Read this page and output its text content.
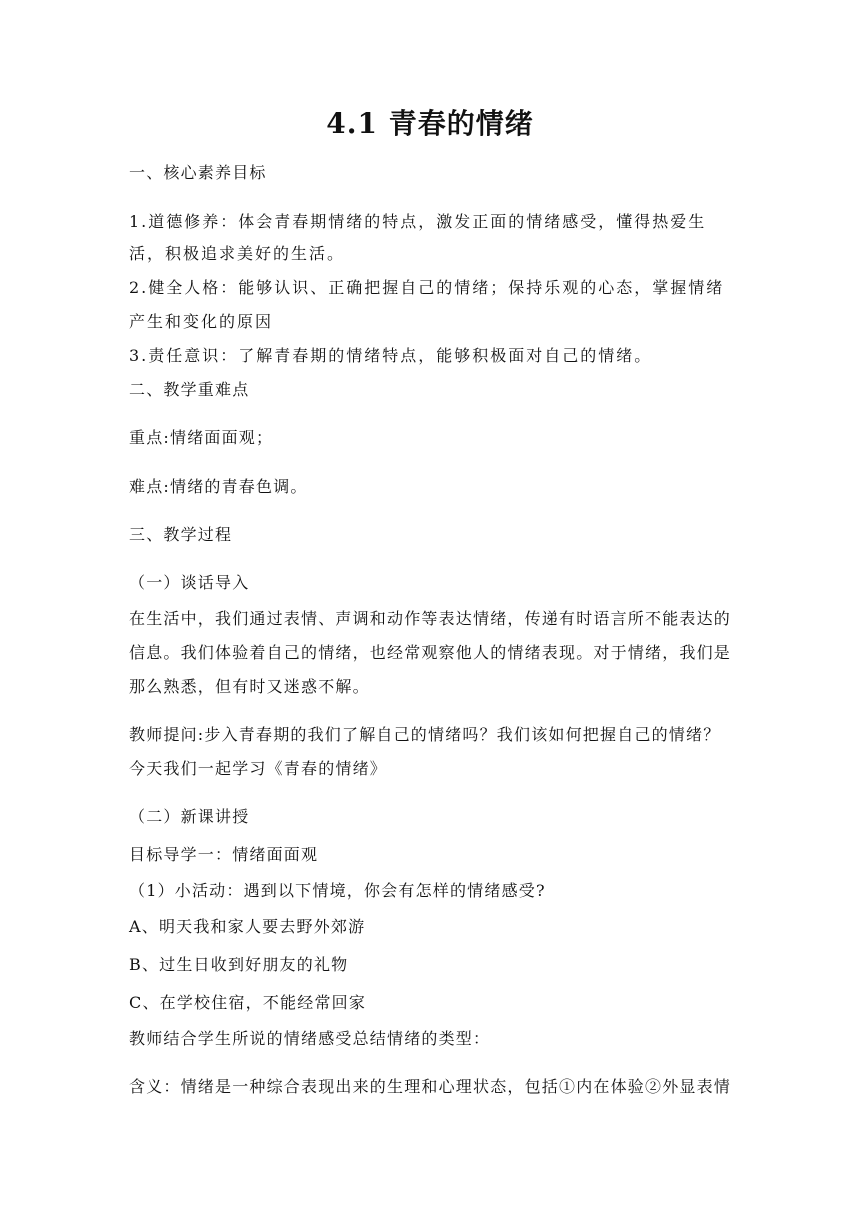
4.1 青春的情绪
一、核心素养目标
1.道德修养：体会青春期情绪的特点，激发正面的情绪感受，懂得热爱生
活，积极追求美好的生活。
2.健全人格：能够认识、正确把握自己的情绪；保持乐观的心态，掌握情绪
产生和变化的原因
3.责任意识：了解青春期的情绪特点，能够积极面对自己的情绪。
二、教学重难点
重点:情绪面面观；
难点:情绪的青春色调。
三、教学过程
（一）谈话导入
在生活中，我们通过表情、声调和动作等表达情绪，传递有时语言所不能表达的
信息。我们体验着自己的情绪，也经常观察他人的情绪表现。对于情绪，我们是
那么熟悉，但有时又迷惑不解。
教师提问:步入青春期的我们了解自己的情绪吗？我们该如何把握自己的情绪？
今天我们一起学习《青春的情绪》
（二）新课讲授
目标导学一：情绪面面观
（1）小活动：遇到以下情境，你会有怎样的情绪感受?
A、明天我和家人要去野外郊游
B、过生日收到好朋友的礼物
C、在学校住宿，不能经常回家
教师结合学生所说的情绪感受总结情绪的类型：
含义：情绪是一种综合表现出来的生理和心理状态，包括①内在体验②外显表情
